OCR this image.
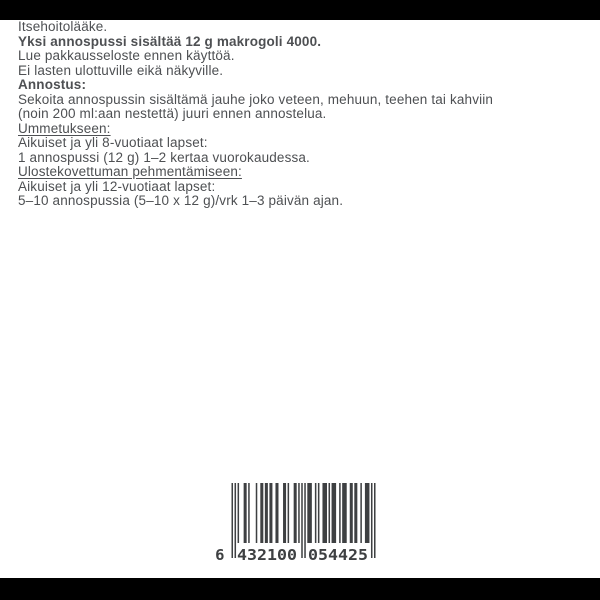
Itsehoitolääke.

Yksi annospussi sisältää 12 g makrogoli 4000.

Lue pakkausseloste ennen käyttöä.

Ei lasten ulottuville eikä näkyville.

Annostus:

Sekoita annospussin sisältämä jauhe joko veteen, mehuun, teehen tai kahviin

(noin 200 ml:aan nestettä) juuri ennen annostelua.

Ummetukseen:

Aikuiset ja yli 8-vuotiaat lapset:

1 annospussi (12 g) 1–2 kertaa vuorokaudessa.

Ulostekovettuman pehmentämiseen:

Aikuiset ja yli 12-vuotiaat lapset:

5–10 annospussia (5–10 x 12 g)/vrk 1–3 päivän ajan.

6 432100 054425
